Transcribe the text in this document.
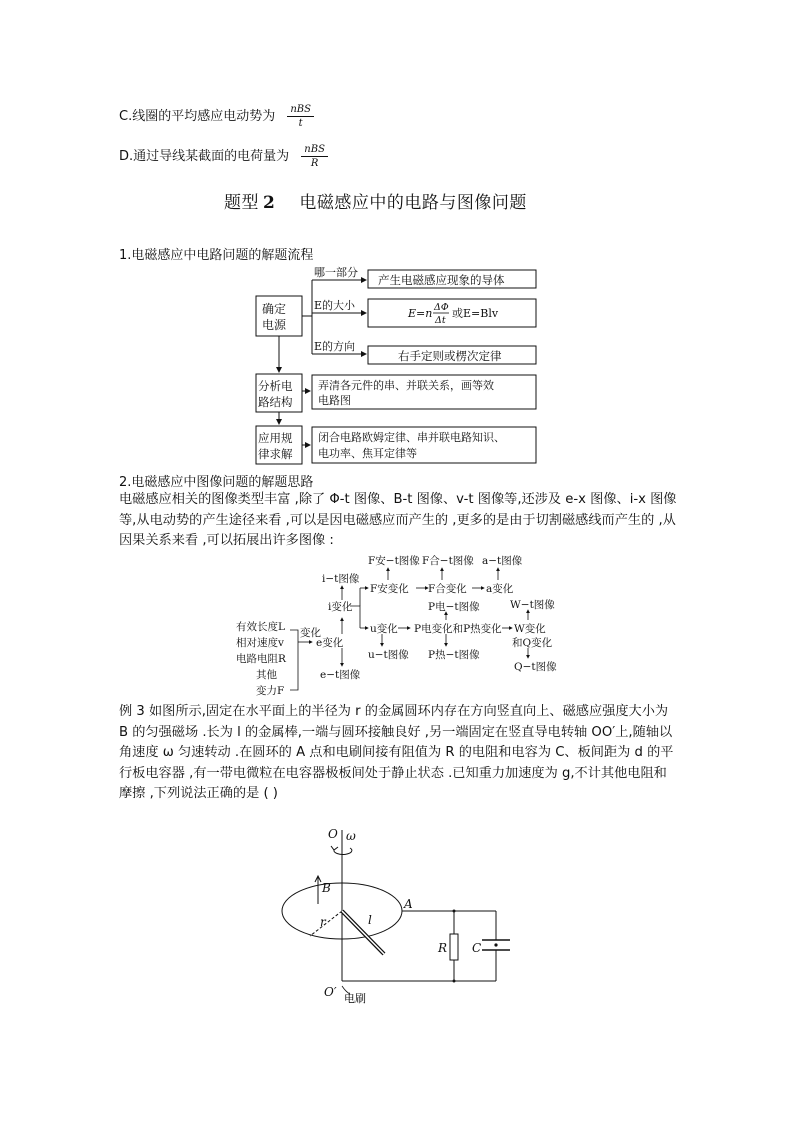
C.线圈的平均感应电动势为 $\frac{\text{nBS}}{t}$
D.通过导线某截面的电荷量为 $\frac{\text{nBS}}{R}$
题型 2 电磁感应中的电路与图像问题
1.电磁感应中电路问题的解题流程
确定
电源
分析电
路结构
应用规
律求解
哪一部分
E的大小
E的方向
产生电磁感应现象的导体
E=n ΔΦ
Δt
或E=Blv
右手定则或楞次定律
弄清各元件的串、并联关系，画等效
电路图
闭合电路欧姆定律、串并联电路知识、
电功率、焦耳定律等
2.电磁感应中图像问题的解题思路
电磁感应相关的图像类型丰富 ,除了 Φ-t 图像、B-t 图像、v-t 图像等,还涉及 e-x 图像、i-x 图像等,从电动势的产生途径来看 ,可以是因电磁感应而产生的 ,更多的是由于切割磁感线而产生的 ,从因果关系来看 ,可以拓展出许多图像 :
有效长度L
相对速度v
电路电阻R
其他
变力F
变化
e变化
e−t图像
i变化
i−t图像
F安变化
F安−t图像
F合变化
F合−t图像
a变化
a−t图像
u变化
u−t图像
P电变化和P热变化
P电−t图像
P热−t图像
W变化
和Q变化
W−t图像
Q−t图像
例 3 如图所示,固定在水平面上的半径为 r 的金属圆环内存在方向竖直向上、磁感应强度大小为 B 的匀强磁场 .长为 l 的金属棒,一端与圆环接触良好 ,另一端固定在竖直导电转轴 OO′上,随轴以角速度 ω 匀速转动 .在圆环的 A 点和电刷间接有阻值为 R 的电阻和电容为 C、板间距为 d 的平行板电容器 ,有一带电微粒在电容器极板间处于静止状态 .已知重力加速度为 g,不计其他电阻和摩擦 ,下列说法正确的是 ( )
O ω
B
r	l
A
R C
O′ 电刷
